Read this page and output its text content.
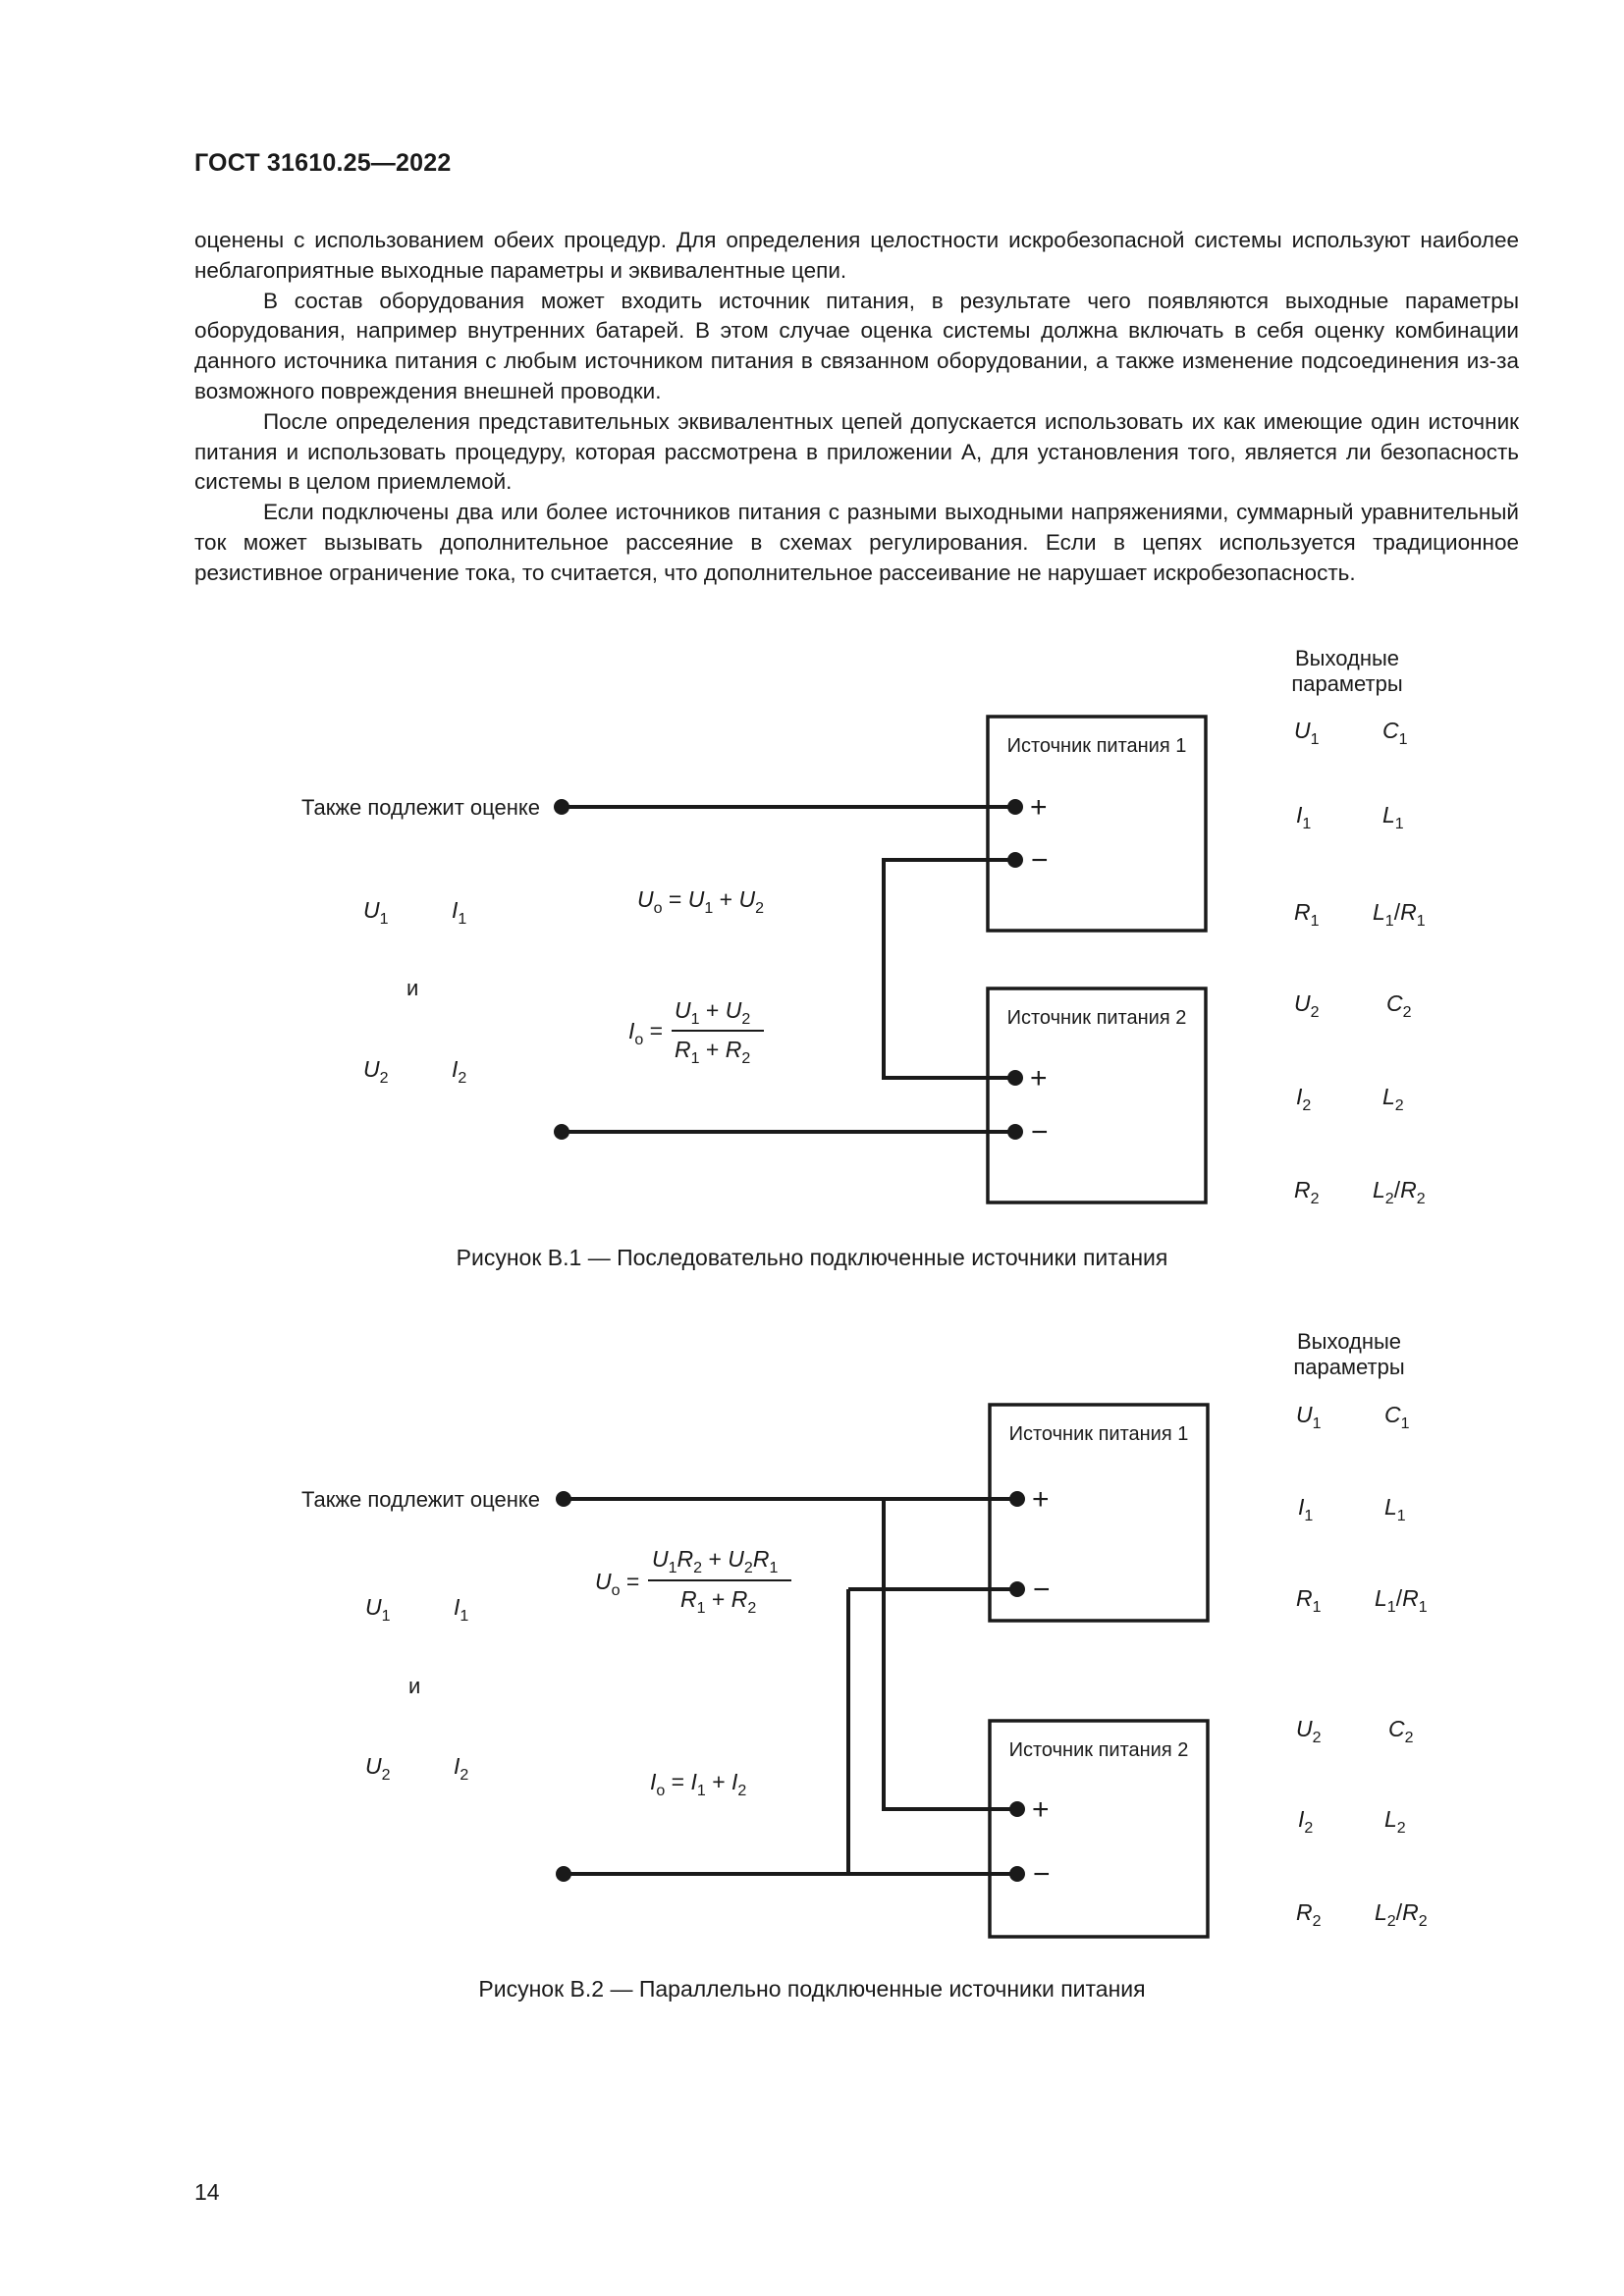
ГОСТ 31610.25—2022

оценены с использованием обеих процедур. Для определения целостности искробезопасной системы используют наиболее неблагоприятные выходные параметры и эквивалентные цепи.

В состав оборудования может входить источник питания, в результате чего появляются выходные параметры оборудования, например внутренних батарей. В этом случае оценка системы должна включать в себя оценку комбинации данного источника питания с любым источником питания в связанном оборудовании, а также изменение подсоединения из-за возможного повреждения внешней проводки.

После определения представительных эквивалентных цепей допускается использовать их как имеющие один источник питания и использовать процедуру, которая рассмотрена в приложении А, для установления того, является ли безопасность системы в целом приемлемой.

Если подключены два или более источников питания с разными выходными напряжениями, суммарный уравнительный ток может вызывать дополнительное рассеяние в схемах регулирования. Если в цепях используется традиционное резистивное ограничение тока, то считается, что дополнительное рассеивание не нарушает искробезопасность.

Выходные
параметры
Источник питания 1
Источник питания 2
+
−
+
−
Также подлежит оценке
$U_1$	$I_1$
и
$U_2$	$I_2$
$U_o = U_1 + U_2$
$I_o$ =
$U_1 + U_2$
$R_1 + R_2$
$U_1$	$C_1$
$I_1$	$L_1$
$R_1$ $L_1/R_1$
$U_2$	$C_2$
$I_2$	$L_2$
$R_2$ $L_2/R_2$
Рисунок В.1 — Последовательно подключенные источники питания
Выходные
параметры
Источник питания 1
Источник питания 2
+
−
+
−
Также подлежит оценке
$U_1$	$I_1$
и
$U_2$	$I_2$
$U_o$ =
$U_1R_2 + U_2R_1$
$R_1 + R_2$
$I_o = I_1 + I_2$
$U_1$	$C_1$
$I_1$	$L_1$
$R_1$ $L_1/R_1$
$U_2$	$C_2$
$I_2$	$L_2$
$R_2$ $L_2/R_2$
Рисунок В.2 — Параллельно подключенные источники питания
14
